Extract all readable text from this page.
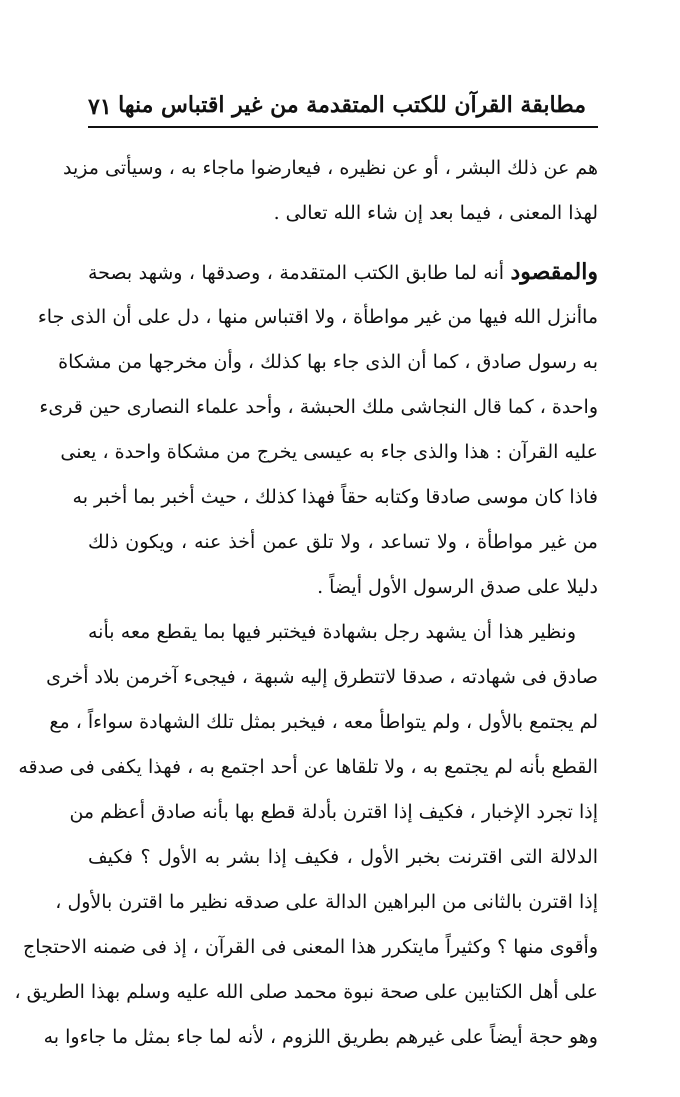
٧١ مطابقة القرآن للكتب المتقدمة من غير اقتباس منها
هم عن ذلك البشر ، أو عن نظيره ، فيعارضوا ماجاء به ، وسيأتى مزيد
لهذا المعنى ، فيما بعد إن شاء الله تعالى .
والمقصود أنه لما طابق الكتب المتقدمة ، وصدقها ، وشهد بصحة
ماأنزل الله فيها من غير مواطأة ، ولا اقتباس منها ، دل على أن الذى جاء
به رسول صادق ، كما أن الذى جاء بها كذلك ، وأن مخرجها من مشكاة
واحدة ، كما قال النجاشى ملك الحبشة ، وأحد علماء النصارى حين قرىء
عليه القرآن : هذا والذى جاء به عيسى يخرج من مشكاة واحدة ، يعنى
فاذا كان موسى صادقا وكتابه حقاً فهذا كذلك ، حيث أخبر بما أخبر به
من غير مواطأة ، ولا تساعد ، ولا تلق عمن أخذ عنه ، ويكون ذلك
دليلا على صدق الرسول الأول أيضاً .
ونظير هذا أن يشهد رجل بشهادة فيختبر فيها بما يقطع معه بأنه
صادق فى شهادته ، صدقا لاتتطرق إليه شبهة ، فيجىء آخرمن بلاد أخرى
لم يجتمع بالأول ، ولم يتواطأ معه ، فيخبر بمثل تلك الشهادة سواءاً ، مع
القطع بأنه لم يجتمع به ، ولا تلقاها عن أحد اجتمع به ، فهذا يكفى فى صدقه
إذا تجرد الإخبار ، فكيف إذا اقترن بأدلة قطع بها بأنه صادق أعظم من
الدلالة التى اقترنت بخبر الأول ، فكيف إذا بشر به الأول ؟ فكيف
إذا اقترن بالثانى من البراهين الدالة على صدقه نظير ما اقترن بالأول ،
وأقوى منها ؟ وكثيراً مايتكرر هذا المعنى فى القرآن ، إذ فى ضمنه الاحتجاج
على أهل الكتابين على صحة نبوة محمد صلى الله عليه وسلم بهذا الطريق ،
وهو حجة أيضاً على غيرهم بطريق اللزوم ، لأنه لما جاء بمثل ما جاءوا به
